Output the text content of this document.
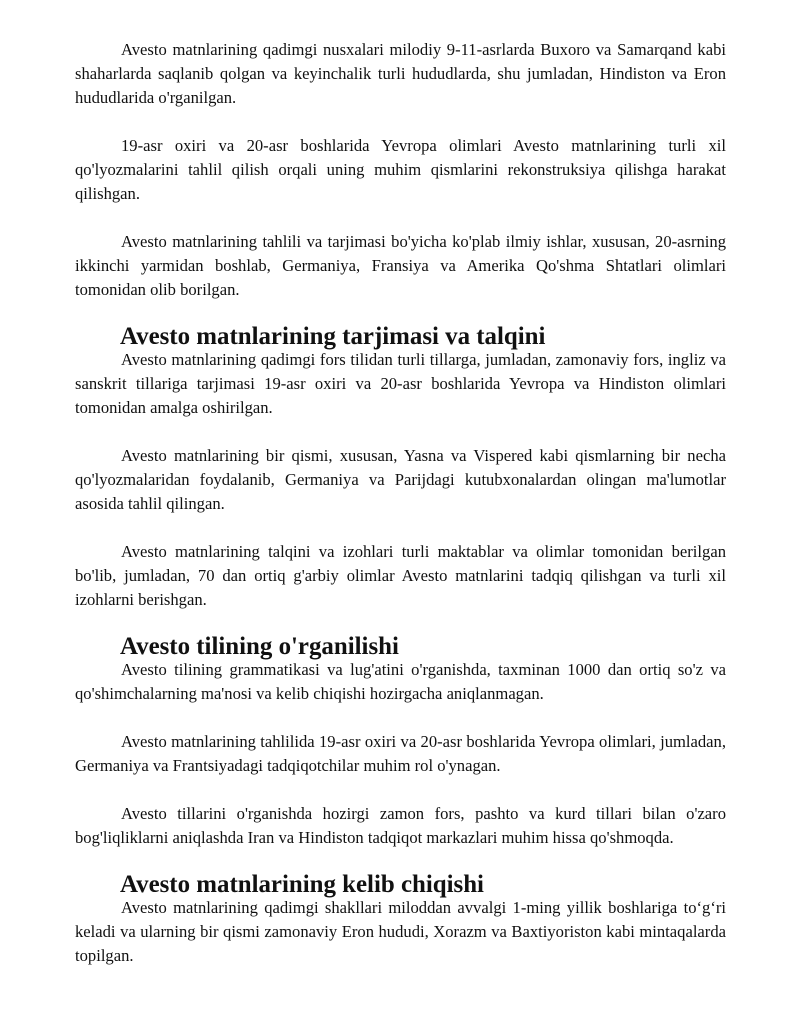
Avesto matnlarining qadimgi nusxalari milodiy 9-11-asrlarda Buxoro va Samarqand kabi shaharlarda saqlanib qolgan va keyinchalik turli hududlarda, shu jumladan, Hindiston va Eron hududlarida o'rganilgan.

19-asr oxiri va 20-asr boshlarida Yevropa olimlari Avesto matnlarining turli xil qo'lyozmalarini tahlil qilish orqali uning muhim qismlarini rekonstruksiya qilishga harakat qilishgan.

Avesto matnlarining tahlili va tarjimasi bo'yicha ko'plab ilmiy ishlar, xususan, 20-asrning ikkinchi yarmidan boshlab, Germaniya, Fransiya va Amerika Qo'shma Shtatlari olimlari tomonidan olib borilgan.

Avesto matnlarining tarjimasi va talqini

Avesto matnlarining qadimgi fors tilidan turli tillarga, jumladan, zamonaviy fors, ingliz va sanskrit tillariga tarjimasi 19-asr oxiri va 20-asr boshlarida Yevropa va Hindiston olimlari tomonidan amalga oshirilgan.

Avesto matnlarining bir qismi, xususan, Yasna va Vispered kabi qismlarning bir necha qo'lyozmalaridan foydalanib, Germaniya va Parijdagi kutubxonalardan olingan ma'lumotlar asosida tahlil qilingan.

Avesto matnlarining talqini va izohlari turli maktablar va olimlar tomonidan berilgan bo'lib, jumladan, 70 dan ortiq g'arbiy olimlar Avesto matnlarini tadqiq qilishgan va turli xil izohlarni berishgan.

Avesto tilining o'rganilishi

Avesto tilining grammatikasi va lug'atini o'rganishda, taxminan 1000 dan ortiq so'z va qo'shimchalarning ma'nosi va kelib chiqishi hozirgacha aniqlanmagan.

Avesto matnlarining tahlilida 19-asr oxiri va 20-asr boshlarida Yevropa olimlari, jumladan, Germaniya va Frantsiyadagi tadqiqotchilar muhim rol o'ynagan.

Avesto tillarini o'rganishda hozirgi zamon fors, pashto va kurd tillari bilan o'zaro bog'liqliklarni aniqlashda Iran va Hindiston tadqiqot markazlari muhim hissa qo'shmoqda.

Avesto matnlarining kelib chiqishi

Avesto matnlarining qadimgi shakllari miloddan avvalgi 1-ming yillik boshlariga to‘g‘ri keladi va ularning bir qismi zamonaviy Eron hududi, Xorazm va Baxtiyoriston kabi mintaqalarda topilgan.
